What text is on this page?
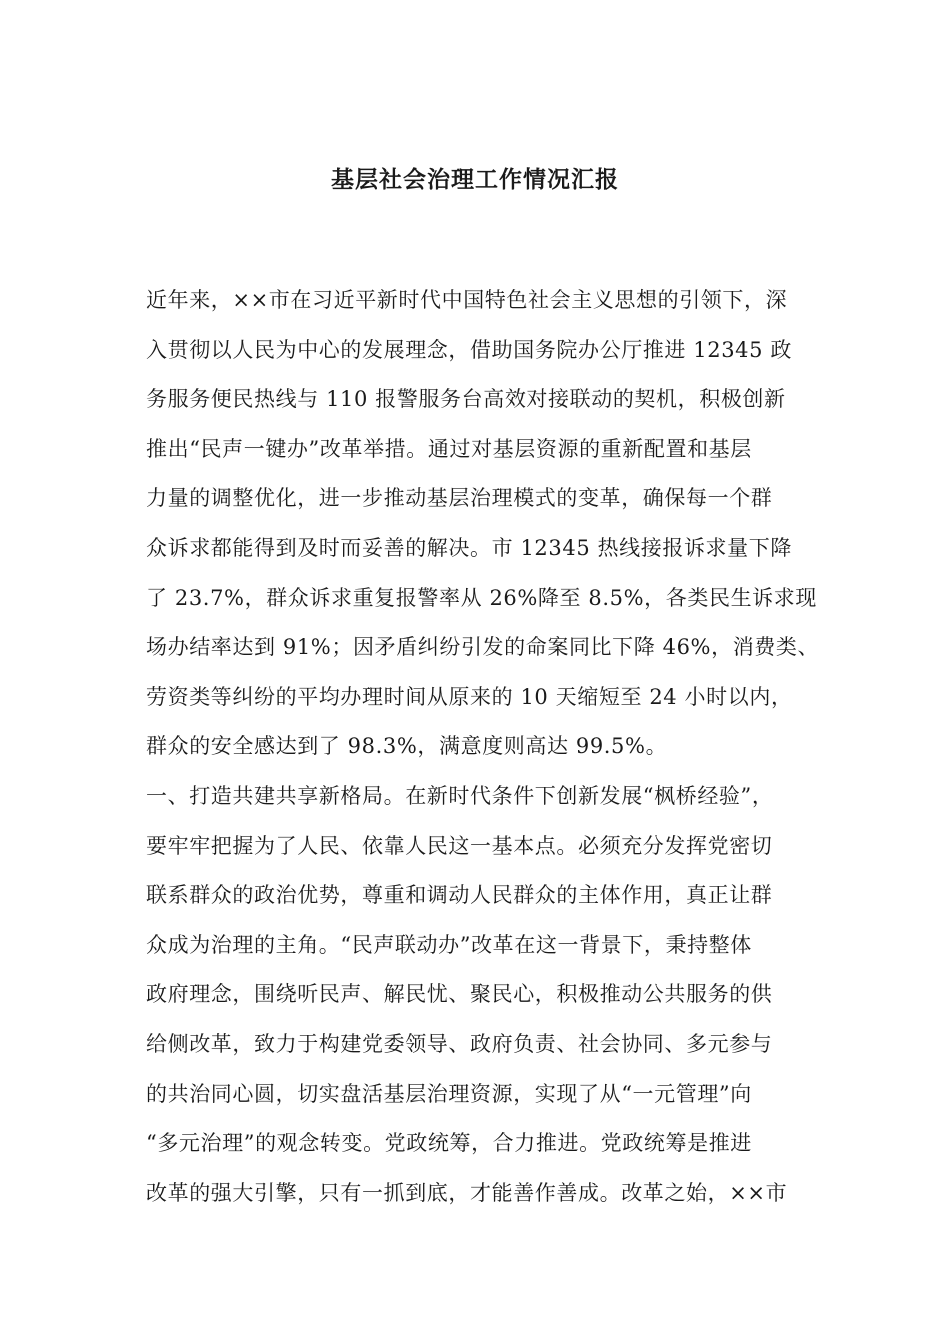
基层社会治理工作情况汇报

近年来，××市在习近平新时代中国特色社会主义思想的引领下，深

入贯彻以人民为中心的发展理念，借助国务院办公厅推进 12345 政

务服务便民热线与 110 报警服务台高效对接联动的契机，积极创新

推出“民声一键办”改革举措。通过对基层资源的重新配置和基层

力量的调整优化，进一步推动基层治理模式的变革，确保每一个群

众诉求都能得到及时而妥善的解决。市 12345 热线接报诉求量下降

了 23.7%，群众诉求重复报警率从 26%降至 8.5%，各类民生诉求现

场办结率达到 91%；因矛盾纠纷引发的命案同比下降 46%，消费类、

劳资类等纠纷的平均办理时间从原来的 10 天缩短至 24 小时以内，

群众的安全感达到了 98.3%，满意度则高达 99.5%。

一、打造共建共享新格局。在新时代条件下创新发展“枫桥经验”，

要牢牢把握为了人民、依靠人民这一基本点。必须充分发挥党密切

联系群众的政治优势，尊重和调动人民群众的主体作用，真正让群

众成为治理的主角。“民声联动办”改革在这一背景下，秉持整体

政府理念，围绕听民声、解民忧、聚民心，积极推动公共服务的供

给侧改革，致力于构建党委领导、政府负责、社会协同、多元参与

的共治同心圆，切实盘活基层治理资源，实现了从“一元管理”向

“多元治理”的观念转变。党政统筹，合力推进。党政统筹是推进

改革的强大引擎，只有一抓到底，才能善作善成。改革之始，××市
